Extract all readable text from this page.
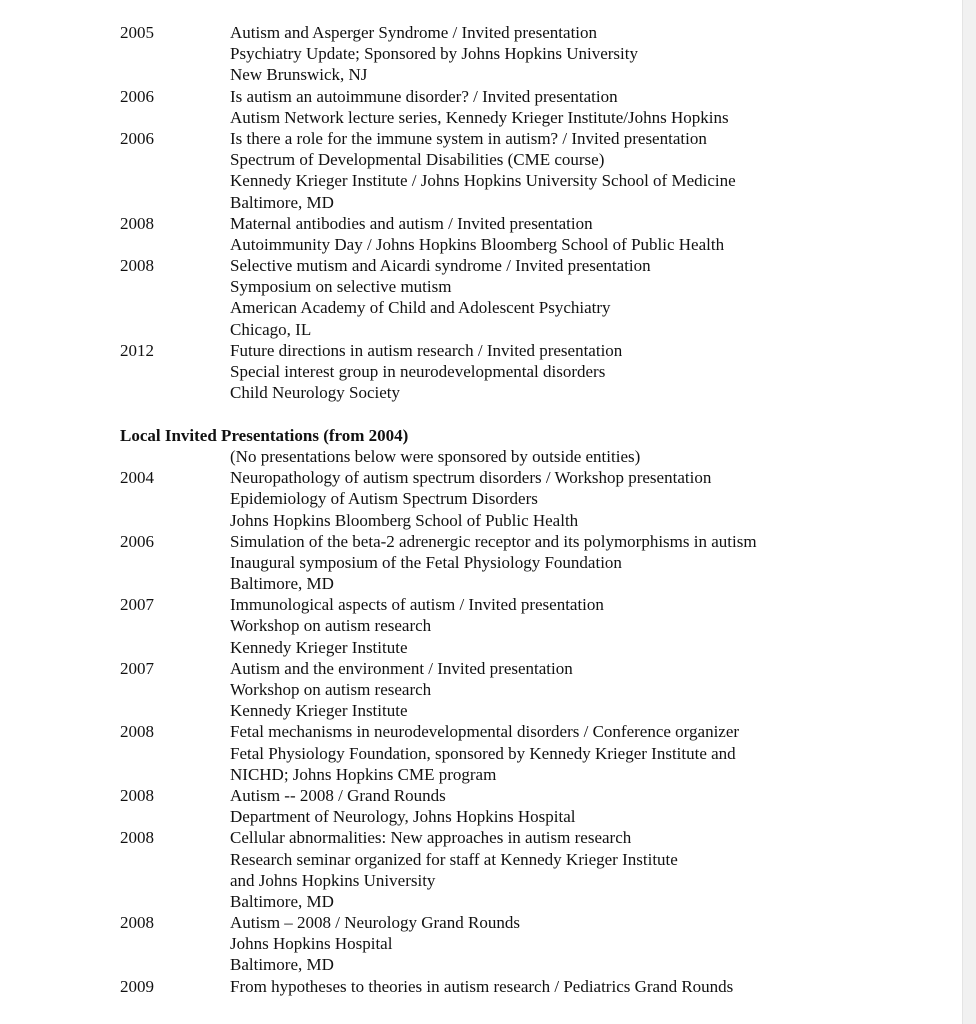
2005	Autism and Asperger Syndrome / Invited presentation
Psychiatry Update; Sponsored by Johns Hopkins University
New Brunswick, NJ
2006	Is autism an autoimmune disorder? / Invited presentation
Autism Network lecture series, Kennedy Krieger Institute/Johns Hopkins
2006	Is there a role for the immune system in autism? / Invited presentation
Spectrum of Developmental Disabilities (CME course)
Kennedy Krieger Institute / Johns Hopkins University School of Medicine
Baltimore, MD
2008	Maternal antibodies and autism / Invited presentation
Autoimmunity Day / Johns Hopkins Bloomberg School of Public Health
2008	Selective mutism and Aicardi syndrome / Invited presentation
Symposium on selective mutism
American Academy of Child and Adolescent Psychiatry
Chicago, IL
2012	Future directions in autism research / Invited presentation
Special interest group in neurodevelopmental disorders
Child Neurology Society
Local Invited Presentations (from 2004)
(No presentations below were sponsored by outside entities)
2004	Neuropathology of autism spectrum disorders / Workshop presentation
Epidemiology of Autism Spectrum Disorders
Johns Hopkins Bloomberg School of Public Health
2006	Simulation of the beta-2 adrenergic receptor and its polymorphisms in autism
Inaugural symposium of the Fetal Physiology Foundation
Baltimore, MD
2007	Immunological aspects of autism / Invited presentation
Workshop on autism research
Kennedy Krieger Institute
2007	Autism and the environment / Invited presentation
Workshop on autism research
Kennedy Krieger Institute
2008	Fetal mechanisms in neurodevelopmental disorders / Conference organizer
Fetal Physiology Foundation, sponsored by Kennedy Krieger Institute and
NICHD; Johns Hopkins CME program
2008	Autism -- 2008 / Grand Rounds
Department of Neurology, Johns Hopkins Hospital
2008	Cellular abnormalities: New approaches in autism research
Research seminar organized for staff at Kennedy Krieger Institute
and Johns Hopkins University
Baltimore, MD
2008	Autism – 2008 / Neurology Grand Rounds
Johns Hopkins Hospital
Baltimore, MD
2009	From hypotheses to theories in autism research / Pediatrics Grand Rounds
